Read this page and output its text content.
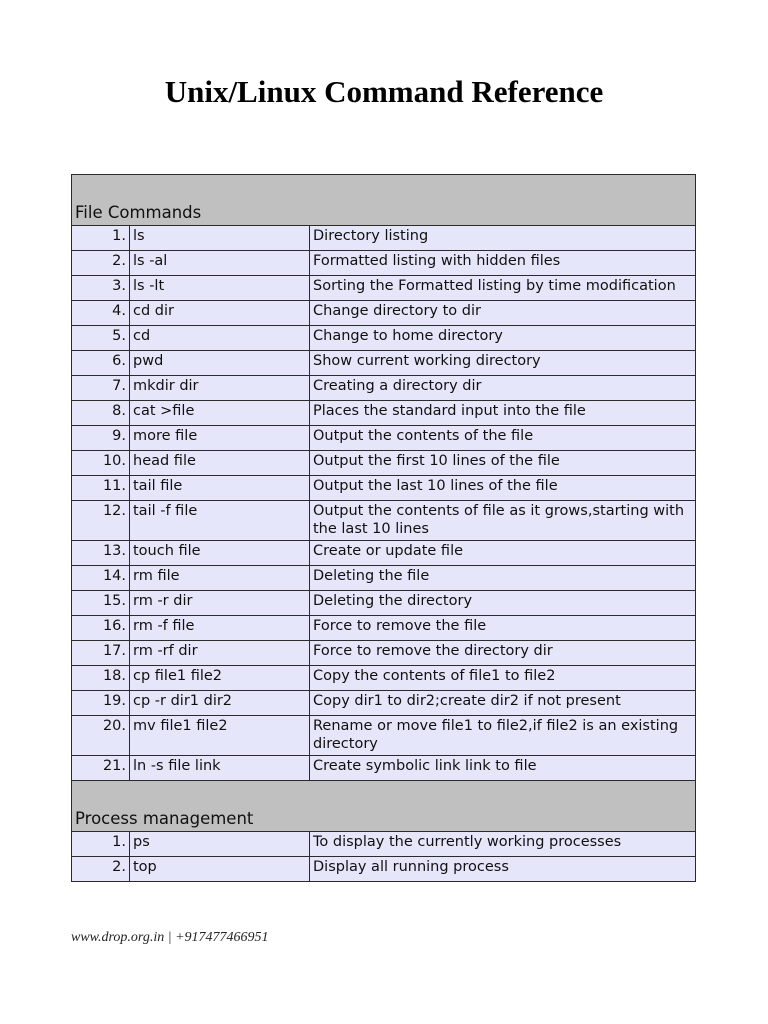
Unix/Linux Command Reference
File Commands		
1.	ls	Directory listing
2.	ls -al	Formatted listing with hidden files
3.	ls -lt	Sorting the Formatted listing by time modification
4.	cd dir	Change directory to dir
5.	cd	Change to home directory
6.	pwd	Show current working directory
7.	mkdir dir	Creating a directory dir
8.	cat >file	Places the standard input into the file
9.	more file	Output the contents of the file
10.	head file	Output the first 10 lines of the file
11.	tail file	Output the last 10 lines of the file
12.	tail -f file	Output the contents of file as it grows,starting with the last 10 lines
13.	touch file	Create or update file
14.	rm file	Deleting the file
15.	rm -r dir	Deleting the directory
16.	rm -f file	Force to remove the file
17.	rm -rf dir	Force to remove the directory dir
18.	cp file1 file2	Copy the contents of file1 to file2
19.	cp -r dir1 dir2	Copy dir1 to dir2;create dir2 if not present
20.	mv file1 file2	Rename or move file1 to file2,if file2 is an existing directory
21.	ln -s file link	Create symbolic link link to file
Process management		
1.	ps	To display the currently working processes
2.	top	Display all running process
www.drop.org.in | +917477466951
